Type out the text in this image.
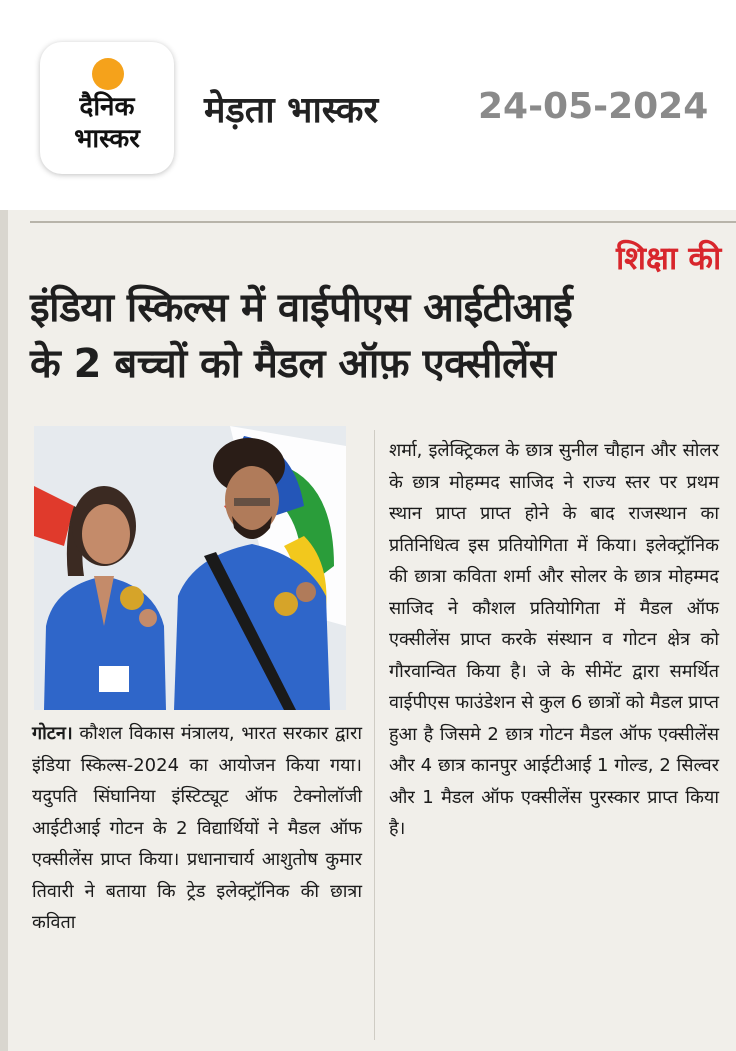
दैनिक
भास्कर
मेड़ता भास्कर	24-05-2024
शिक्षा की
इंडिया स्किल्स में वाईपीएस आईटीआई
के 2 बच्चों को मैडल ऑफ़ एक्सीलेंस
गोटन। कौशल विकास मंत्रालय, भारत सरकार द्वारा इंडिया स्किल्स-2024 का आयोजन किया गया। यदुपति सिंघानिया इंस्टिट्यूट ऑफ टेक्नोलॉजी आईटीआई गोटन के 2 विद्यार्थियों ने मैडल ऑफ एक्सीलेंस प्राप्त किया। प्रधानाचार्य आशुतोष कुमार तिवारी ने बताया कि ट्रेड इलेक्ट्रॉनिक की छात्रा कविता
शर्मा, इलेक्ट्रिकल के छात्र सुनील चौहान और सोलर के छात्र मोहम्मद साजिद ने राज्य स्तर पर प्रथम स्थान प्राप्त प्राप्त होने के बाद राजस्थान का प्रतिनिधित्व इस प्रतियोगिता में किया। इलेक्ट्रॉनिक की छात्रा कविता शर्मा और सोलर के छात्र मोहम्मद साजिद ने कौशल प्रतियोगिता में मैडल ऑफ एक्सीलेंस प्राप्त करके संस्थान व गोटन क्षेत्र को गौरवान्वित किया है। जे के सीमेंट द्वारा समर्थित वाईपीएस फाउंडेशन से कुल 6 छात्रों को मैडल प्राप्त हुआ है जिसमे 2 छात्र गोटन मैडल ऑफ एक्सीलेंस और 4 छात्र कानपुर आईटीआई 1 गोल्ड, 2 सिल्वर और 1 मैडल ऑफ एक्सीलेंस पुरस्कार प्राप्त किया है।
